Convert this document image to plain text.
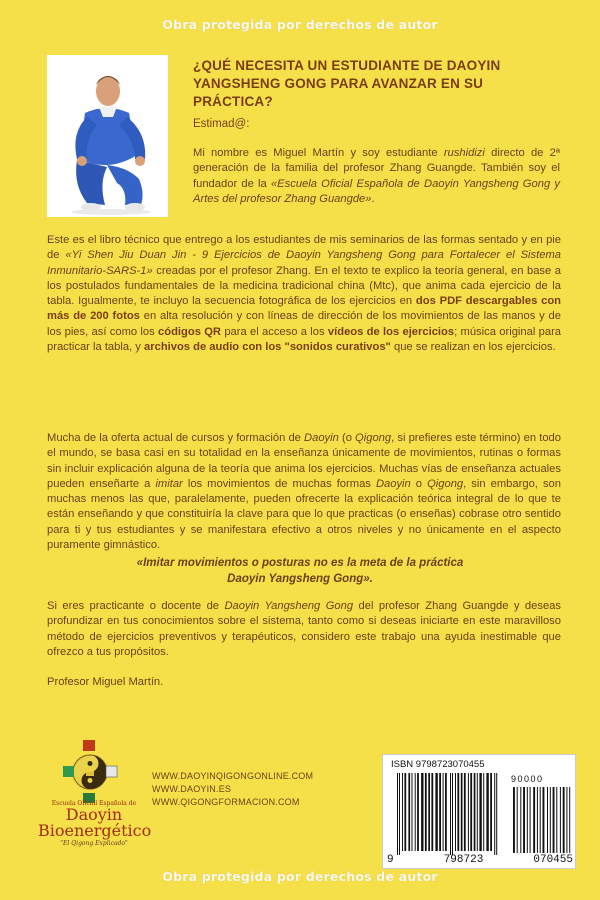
Obra protegida por derechos de autor
¿QUÉ NECESITA UN ESTUDIANTE DE DAOYIN YANGSHENG GONG PARA AVANZAR EN SU PRÁCTICA?
Estimad@:
Mi nombre es Miguel Martín y soy estudiante rushidizi directo de 2ª generación de la familia del profesor Zhang Guangde. También soy el fundador de la «Escuela Oficial Española de Daoyin Yangsheng Gong y Artes del profesor Zhang Guangde».
Este es el libro técnico que entrego a los estudiantes de mis seminarios de las formas sentado y en pie de «Yi Shen Jiu Duan Jin - 9 Ejercicios de Daoyin Yangsheng Gong para Fortalecer el Sistema Inmunitario-SARS-1» creadas por el profesor Zhang. En el texto te explico la teoría general, en base a los postulados fundamentales de la medicina tradicional china (Mtc), que anima cada ejercicio de la tabla. Igualmente, te incluyo la secuencia fotográfica de los ejercicios en dos PDF descargables con más de 200 fotos en alta resolución y con líneas de dirección de los movimientos de las manos y de los pies, así como los códigos QR para el acceso a los vídeos de los ejercicios; música original para practicar la tabla, y archivos de audio con los "sonidos curativos" que se realizan en los ejercicios.
Mucha de la oferta actual de cursos y formación de Daoyin (o Qigong, si prefieres este término) en todo el mundo, se basa casi en su totalidad en la enseñanza únicamente de movimientos, rutinas o formas sin incluir explicación alguna de la teoría que anima los ejercicios. Muchas vías de enseñanza actuales pueden enseñarte a imitar los movimientos de muchas formas Daoyin o Qigong, sin embargo, son muchas menos las que, paralelamente, pueden ofrecerte la explicación teórica integral de lo que te están enseñando y que constituiría la clave para que lo que practicas (o enseñas) cobrase otro sentido para ti y tus estudiantes y se manifestara efectivo a otros niveles y no únicamente en el aspecto puramente gimnástico.
«Imitar movimientos o posturas no es la meta de la práctica
Daoyin Yangsheng Gong».
Si eres practicante o docente de Daoyin Yangsheng Gong del profesor Zhang Guangde y deseas profundizar en tus conocimientos sobre el sistema, tanto como si deseas iniciarte en este maravilloso método de ejercicios preventivos y terapéuticos, considero este trabajo una ayuda inestimable que ofrezco a tus propósitos.
Profesor Miguel Martín.
Escuela Oficial Española de
Daoyin
Bioenergético
"El Qigong Explicado"
WWW.DAOYINQIGONGONLINE.COM
WWW.DAOYIN.ES
WWW.QIGONGFORMACION.COM
ISBN 9798723070455
90000
9	798723	070455
Obra protegida por derechos de autor
